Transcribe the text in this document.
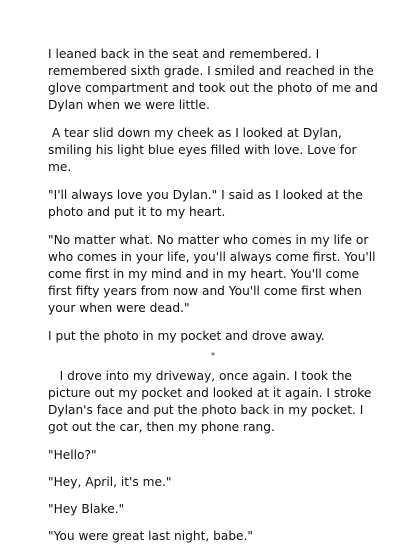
I leaned back in the seat and remembered. I remembered sixth grade. I smiled and reached in the glove compartment and took out the photo of me and Dylan when we were little.

A tear slid down my cheek as I looked at Dylan, smiling his light blue eyes filled with love. Love for me.

"I'll always love you Dylan." I said as I looked at the photo and put it to my heart.

"No matter what. No matter who comes in my life or who comes in your life, you'll always come first. You'll come first in my mind and in my heart. You'll come first fifty years from now and You'll come first when your when were dead."

I put the photo in my pocket and drove away.

*

I drove into my driveway, once again. I took the picture out my pocket and looked at it again. I stroke Dylan's face and put the photo back in my pocket. I got out the car, then my phone rang.

"Hello?"

"Hey, April, it's me."

"Hey Blake."

"You were great last night, babe."
